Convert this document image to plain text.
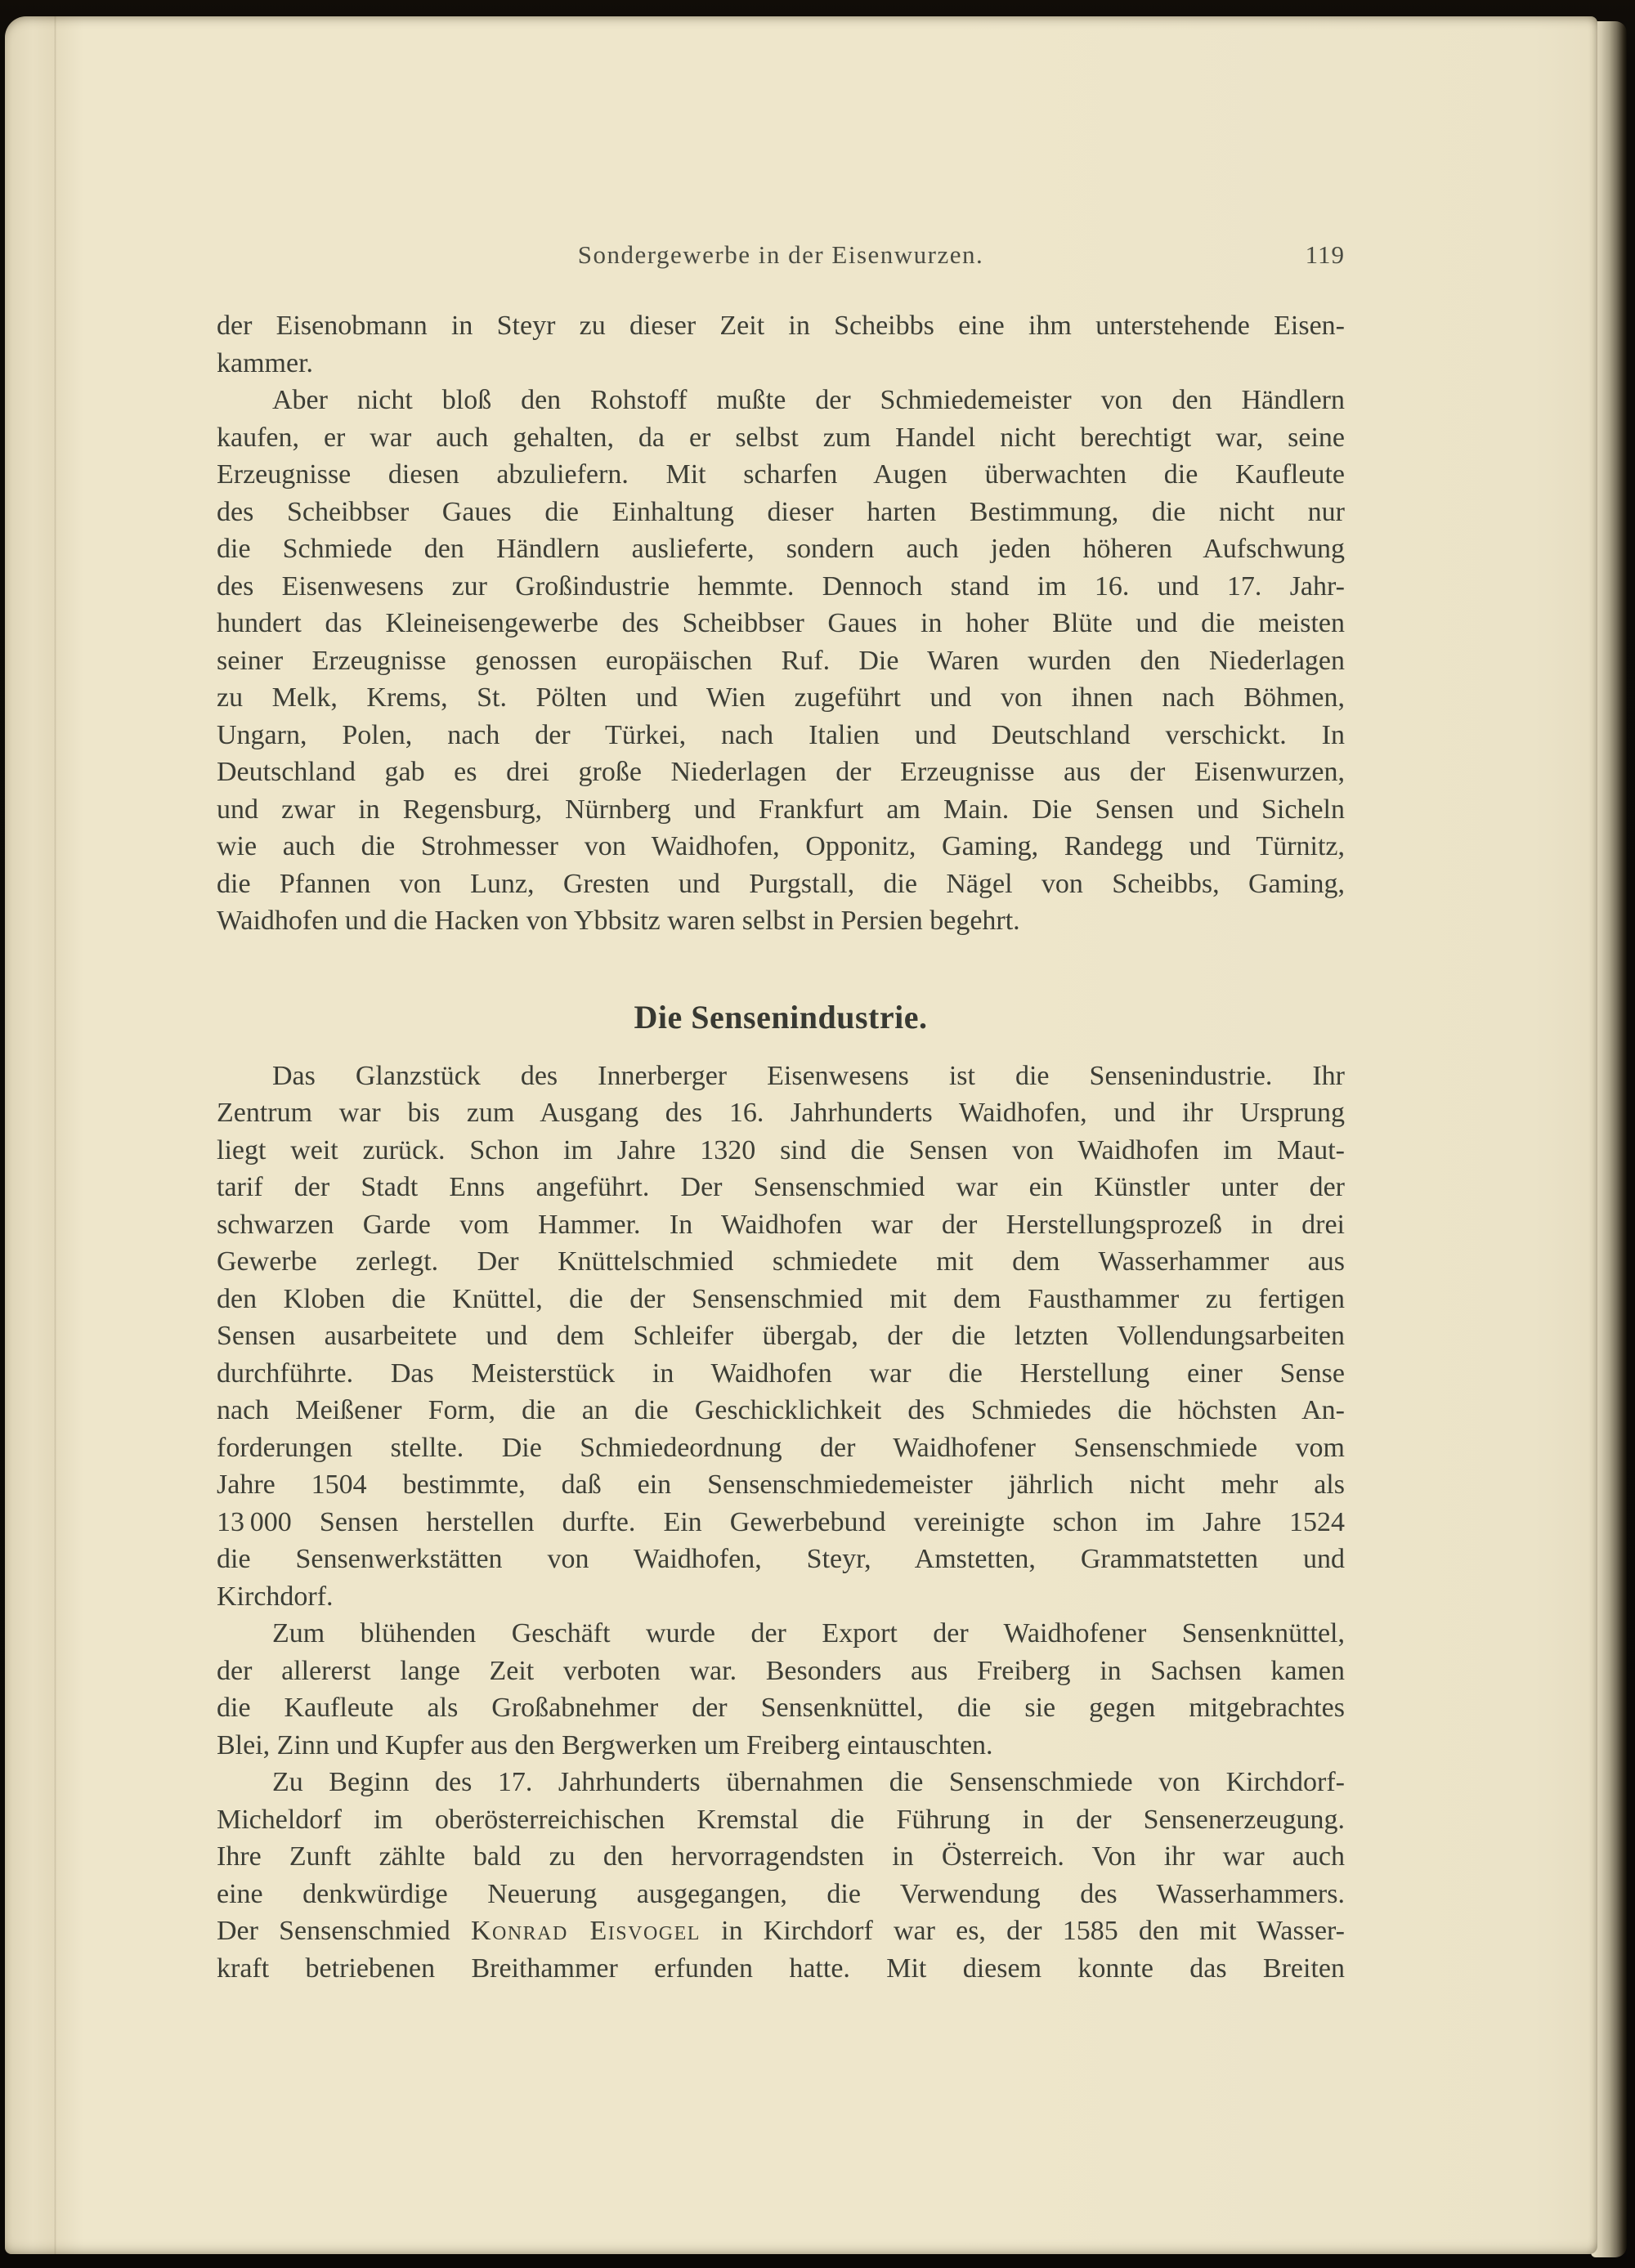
Sondergewerbe in der Eisenwurzen.	119
der Eisenobmann in Steyr zu dieser Zeit in Scheibbs eine ihm unterstehende Eisen-
kammer.
Aber nicht bloß den Rohstoff mußte der Schmiedemeister von den Händlern
kaufen, er war auch gehalten, da er selbst zum Handel nicht berechtigt war, seine
Erzeugnisse diesen abzuliefern. Mit scharfen Augen überwachten die Kaufleute
des Scheibbser Gaues die Einhaltung dieser harten Bestimmung, die nicht nur
die Schmiede den Händlern auslieferte, sondern auch jeden höheren Aufschwung
des Eisenwesens zur Großindustrie hemmte. Dennoch stand im 16. und 17. Jahr-
hundert das Kleineisengewerbe des Scheibbser Gaues in hoher Blüte und die meisten
seiner Erzeugnisse genossen europäischen Ruf. Die Waren wurden den Niederlagen
zu Melk, Krems, St. Pölten und Wien zugeführt und von ihnen nach Böhmen,
Ungarn, Polen, nach der Türkei, nach Italien und Deutschland verschickt. In
Deutschland gab es drei große Niederlagen der Erzeugnisse aus der Eisenwurzen,
und zwar in Regensburg, Nürnberg und Frankfurt am Main. Die Sensen und Sicheln
wie auch die Strohmesser von Waidhofen, Opponitz, Gaming, Randegg und Türnitz,
die Pfannen von Lunz, Gresten und Purgstall, die Nägel von Scheibbs, Gaming,
Waidhofen und die Hacken von Ybbsitz waren selbst in Persien begehrt.
Die Sensenindustrie.
Das Glanzstück des Innerberger Eisenwesens ist die Sensenindustrie. Ihr
Zentrum war bis zum Ausgang des 16. Jahrhunderts Waidhofen, und ihr Ursprung
liegt weit zurück. Schon im Jahre 1320 sind die Sensen von Waidhofen im Maut-
tarif der Stadt Enns angeführt. Der Sensenschmied war ein Künstler unter der
schwarzen Garde vom Hammer. In Waidhofen war der Herstellungsprozeß in drei
Gewerbe zerlegt. Der Knüttelschmied schmiedete mit dem Wasserhammer aus
den Kloben die Knüttel, die der Sensenschmied mit dem Fausthammer zu fertigen
Sensen ausarbeitete und dem Schleifer übergab, der die letzten Vollendungsarbeiten
durchführte. Das Meisterstück in Waidhofen war die Herstellung einer Sense
nach Meißener Form, die an die Geschicklichkeit des Schmiedes die höchsten An-
forderungen stellte. Die Schmiedeordnung der Waidhofener Sensenschmiede vom
Jahre 1504 bestimmte, daß ein Sensenschmiedemeister jährlich nicht mehr als
13 000 Sensen herstellen durfte. Ein Gewerbebund vereinigte schon im Jahre 1524
die Sensenwerkstätten von Waidhofen, Steyr, Amstetten, Grammatstetten und
Kirchdorf.
Zum blühenden Geschäft wurde der Export der Waidhofener Sensenknüttel,
der allererst lange Zeit verboten war. Besonders aus Freiberg in Sachsen kamen
die Kaufleute als Großabnehmer der Sensenknüttel, die sie gegen mitgebrachtes
Blei, Zinn und Kupfer aus den Bergwerken um Freiberg eintauschten.
Zu Beginn des 17. Jahrhunderts übernahmen die Sensenschmiede von Kirchdorf-
Micheldorf im oberösterreichischen Kremstal die Führung in der Sensenerzeugung.
Ihre Zunft zählte bald zu den hervorragendsten in Österreich. Von ihr war auch
eine denkwürdige Neuerung ausgegangen, die Verwendung des Wasserhammers.
Der Sensenschmied Konrad Eisvogel in Kirchdorf war es, der 1585 den mit Wasser-
kraft betriebenen Breithammer erfunden hatte. Mit diesem konnte das Breiten
